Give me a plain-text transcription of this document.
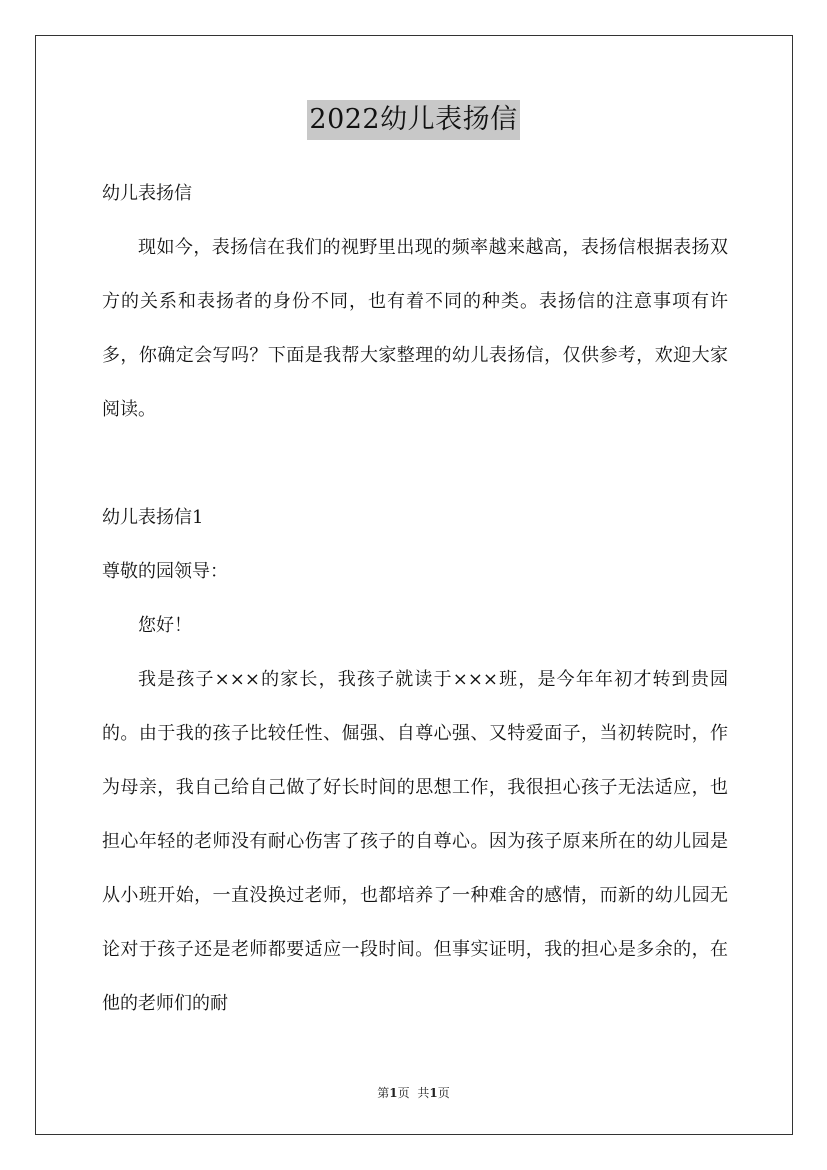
2022幼儿表扬信

幼儿表扬信

现如今，表扬信在我们的视野里出现的频率越来越高，表扬信根据表扬双方的关系和表扬者的身份不同，也有着不同的种类。表扬信的注意事项有许多，你确定会写吗？下面是我帮大家整理的幼儿表扬信，仅供参考，欢迎大家阅读。

幼儿表扬信1

尊敬的园领导：

您好！

我是孩子×××的家长，我孩子就读于×××班，是今年年初才转到贵园的。由于我的孩子比较任性、倔强、自尊心强、又特爱面子，当初转院时，作为母亲，我自己给自己做了好长时间的思想工作，我很担心孩子无法适应，也担心年轻的老师没有耐心伤害了孩子的自尊心。因为孩子原来所在的幼儿园是从小班开始，一直没换过老师，也都培养了一种难舍的感情，而新的幼儿园无论对于孩子还是老师都要适应一段时间。但事实证明，我的担心是多余的，在他的老师们的耐

第1页 共1页
